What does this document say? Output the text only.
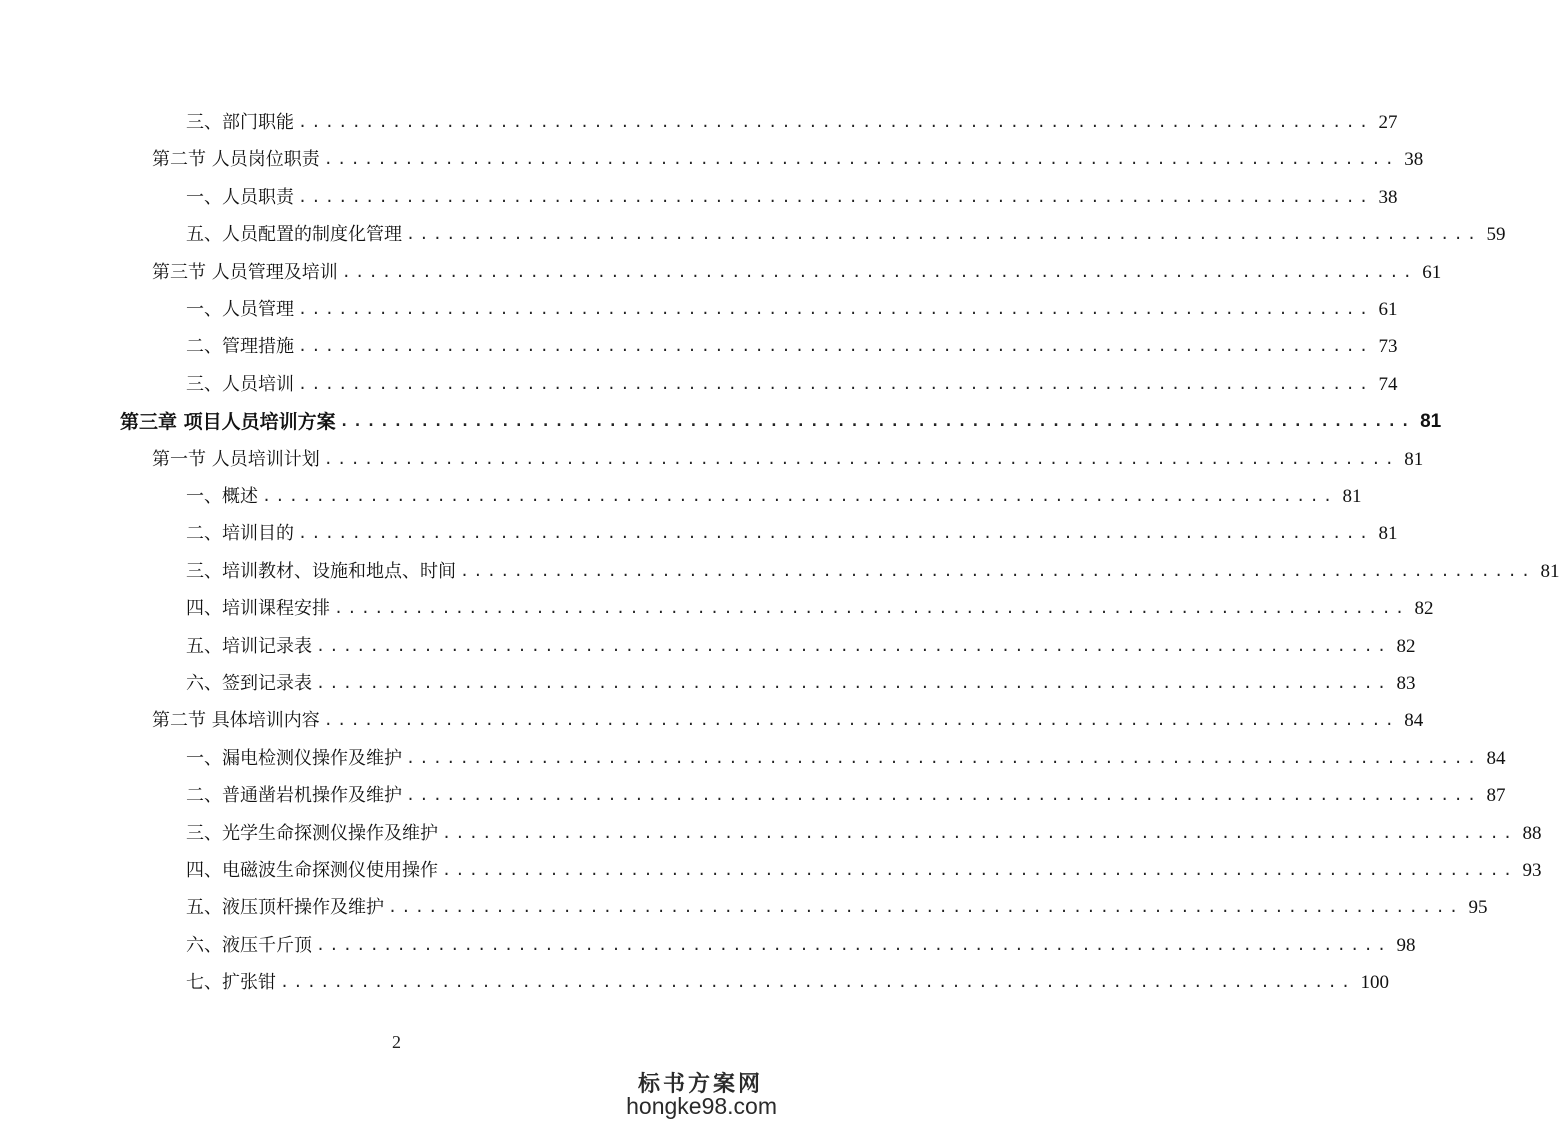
三、部门职能 ................................................................................ 27
第二节 人员岗位职责 ................................................................................ 38
一、人员职责 ................................................................................ 38
五、人员配置的制度化管理 ................................................................................ 59
第三节 人员管理及培训 ................................................................................ 61
一、人员管理 ................................................................................ 61
二、管理措施 ................................................................................ 73
三、人员培训 ................................................................................ 74
第三章 项目人员培训方案 ................................................................................ 81
第一节 人员培训计划 ................................................................................ 81
一、概述 ................................................................................ 81
二、培训目的 ................................................................................ 81
三、培训教材、设施和地点、时间 ................................................................................ 81
四、培训课程安排 ................................................................................ 82
五、培训记录表 ................................................................................ 82
六、签到记录表 ................................................................................ 83
第二节 具体培训内容 ................................................................................ 84
一、漏电检测仪操作及维护 ................................................................................ 84
二、普通凿岩机操作及维护 ................................................................................ 87
三、光学生命探测仪操作及维护 ................................................................................ 88
四、电磁波生命探测仪使用操作 ................................................................................ 93
五、液压顶杆操作及维护 ................................................................................ 95
六、液压千斤顶 ................................................................................ 98
七、扩张钳 ................................................................................ 100
2
标书方案网
hongke98.com
